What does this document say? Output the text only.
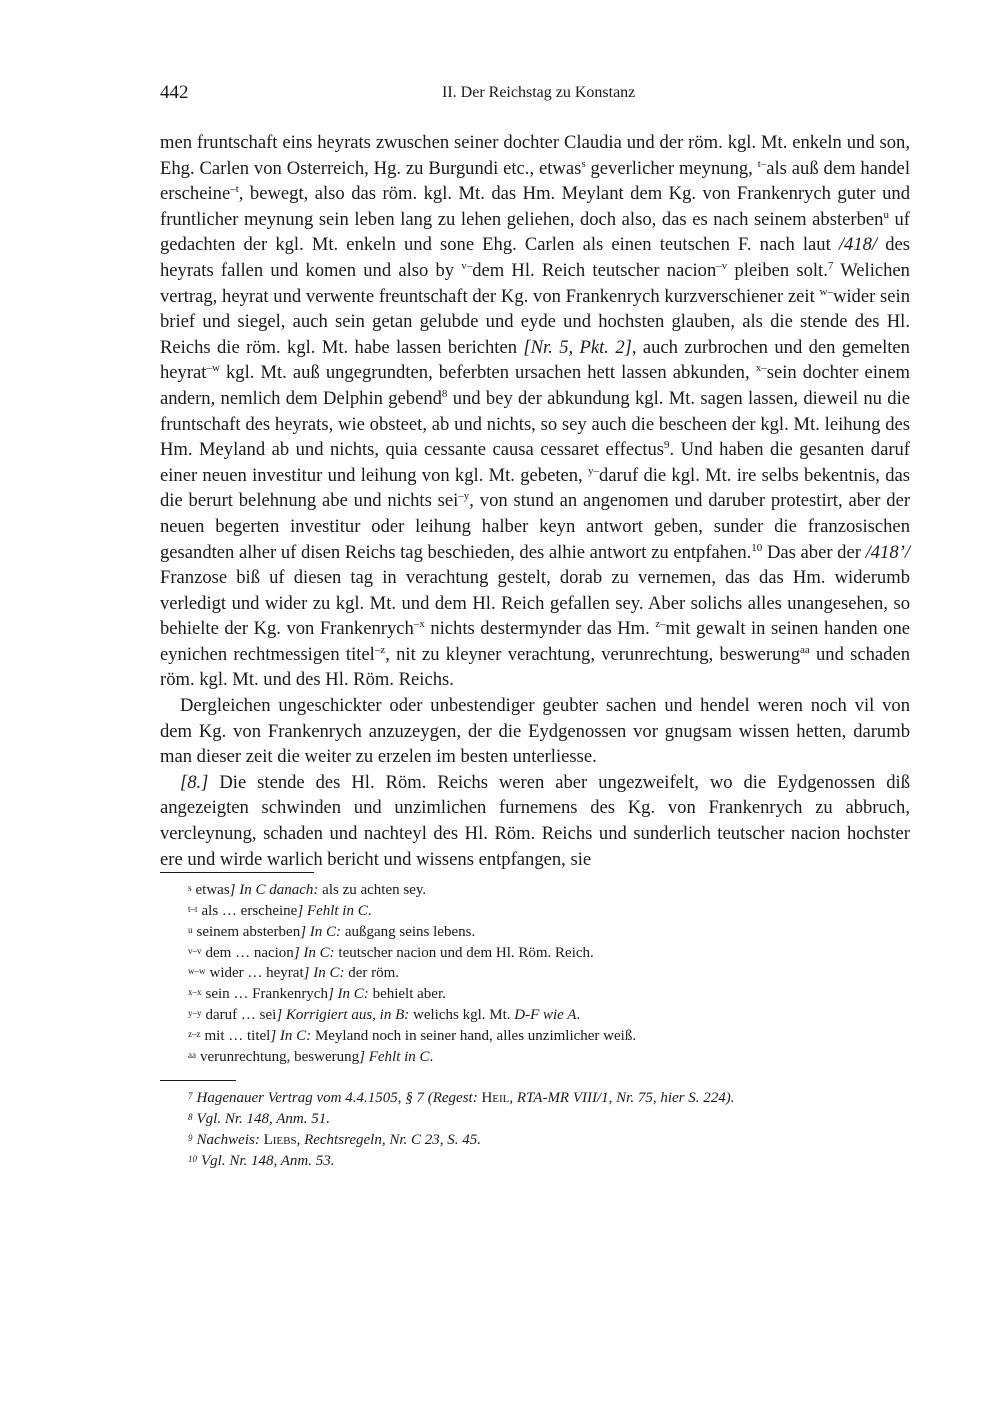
442	II. Der Reichstag zu Konstanz

men fruntschaft eins heyrats zwuschen seiner dochter Claudia und der röm. kgl. Mt. enkeln und son, Ehg. Carlen von Osterreich, Hg. zu Burgundi etc., etwas$^s$ geverlicher meynung, $^{t-}$als auß dem handel erscheine$^{-t}$, bewegt, also das röm. kgl. Mt. das Hm. Meylant dem Kg. von Frankenrych guter und fruntlicher meynung sein leben lang zu lehen geliehen, doch also, das es nach seinem absterben$^u$ uf gedachten der kgl. Mt. enkeln und sone Ehg. Carlen als einen teutschen F. nach laut /418/ des heyrats fallen und komen und also by $^{v-}$dem Hl. Reich teutscher nacion$^{-v}$ pleiben solt.$^7$ Welichen vertrag, heyrat und verwente freuntschaft der Kg. von Frankenrych kurzverschiener zeit $^{w-}$wider sein brief und siegel, auch sein getan gelubde und eyde und hochsten glauben, als die stende des Hl. Reichs die röm. kgl. Mt. habe lassen berichten [Nr. 5, Pkt. 2], auch zurbrochen und den gemelten heyrat$^{-w}$ kgl. Mt. auß ungegrundten, beferbten ursachen hett lassen abkunden, $^{x-}$sein dochter einem andern, nemlich dem Delphin gebend$^8$ und bey der abkundung kgl. Mt. sagen lassen, dieweil nu die fruntschaft des heyrats, wie obsteet, ab und nichts, so sey auch die bescheen der kgl. Mt. leihung des Hm. Meyland ab und nichts, quia cessante causa cessaret effectus$^9$. Und haben die gesanten daruf einer neuen investitur und leihung von kgl. Mt. gebeten, $^{y-}$daruf die kgl. Mt. ire selbs bekentnis, das die berurt belehnung abe und nichts sei$^{-y}$, von stund an angenomen und daruber protestirt, aber der neuen begerten investitur oder leihung halber keyn antwort geben, sunder die franzosischen gesandten alher uf disen Reichs tag beschieden, des alhie antwort zu entpfahen.$^{10}$ Das aber der /418’/ Franzose biß uf diesen tag in verachtung gestelt, dorab zu vernemen, das das Hm. widerumb verledigt und wider zu kgl. Mt. und dem Hl. Reich gefallen sey. Aber solichs alles unangesehen, so behielte der Kg. von Frankenrych$^{-x}$ nichts destermynder das Hm. $^{z-}$mit gewalt in seinen handen one eynichen rechtmessigen titel$^{-z}$, nit zu kleyner verachtung, verunrechtung, beswerung$^{aa}$ und schaden röm. kgl. Mt. und des Hl. Röm. Reichs.

Dergleichen ungeschickter oder unbestendiger geubter sachen und hendel weren noch vil von dem Kg. von Frankenrych anzuzeygen, der die Eydgenossen vor gnugsam wissen hetten, darumb man dieser zeit die weiter zu erzelen im besten unterliesse.

[8.] Die stende des Hl. Röm. Reichs weren aber ungezweifelt, wo die Eydgenossen diß angezeigten schwinden und unzimlichen furnemens des Kg. von Frankenrych zu abbruch, vercleynung, schaden und nachteyl des Hl. Röm. Reichs und sunderlich teutscher nacion hochster ere und wirde warlich bericht und wissens entpfangen, sie

$^s$ etwas] In C danach: als zu achten sey.
$^{t-t}$ als … erscheine] Fehlt in C.
$^u$ seinem absterben] In C: außgang seins lebens.
$^{v-v}$ dem … nacion] In C: teutscher nacion und dem Hl. Röm. Reich.
$^{w-w}$ wider … heyrat] In C: der röm.
$^{x-x}$ sein … Frankenrych] In C: behielt aber.
$^{y-y}$ daruf … sei] Korrigiert aus, in B: welichs kgl. Mt. D-F wie A.
$^{z-z}$ mit … titel] In C: Meyland noch in seiner hand, alles unzimlicher weiß.
$^{aa}$ verunrechtung, beswerung] Fehlt in C.
$^7$ Hagenauer Vertrag vom 4.4.1505, § 7 (Regest: Heil, RTA-MR VIII/1, Nr. 75, hier S. 224).
$^8$ Vgl. Nr. 148, Anm. 51.
$^9$ Nachweis: Liebs, Rechtsregeln, Nr. C 23, S. 45.
$^{10}$ Vgl. Nr. 148, Anm. 53.
